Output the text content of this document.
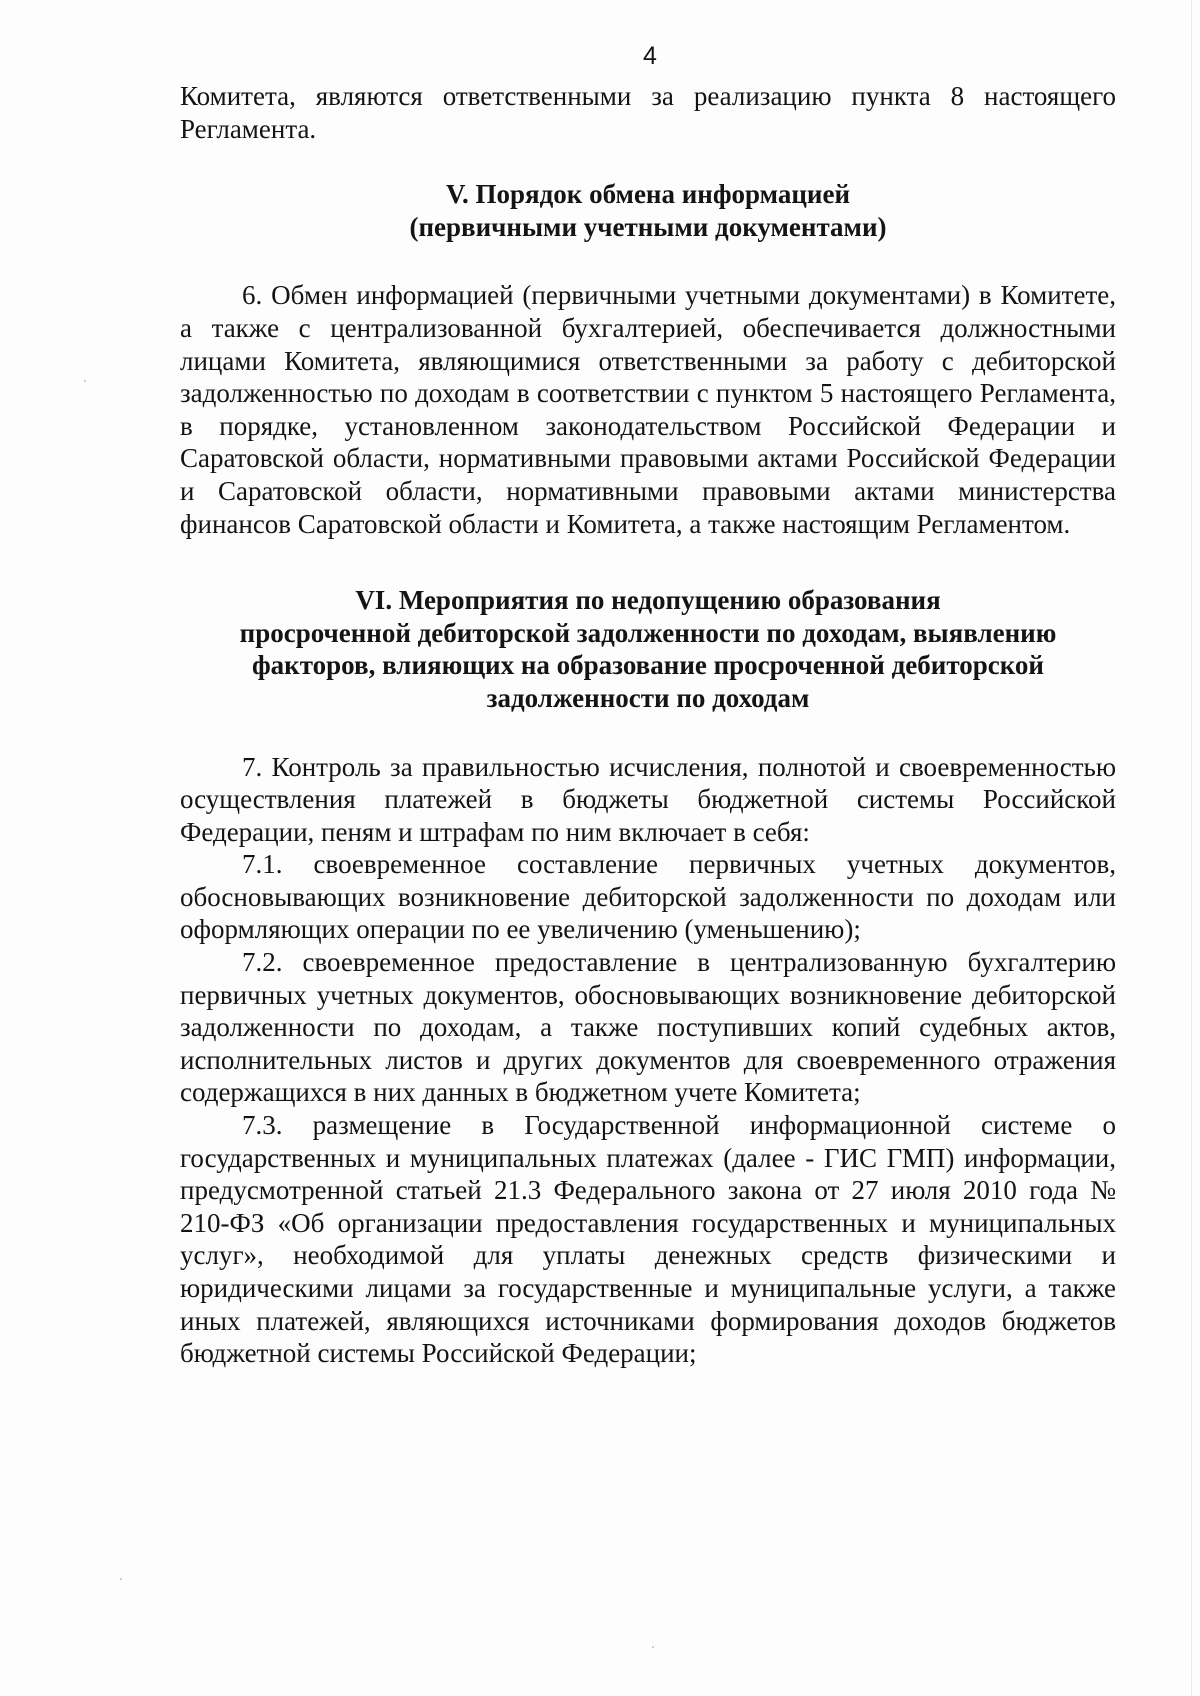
4

Комитета, являются ответственными за реализацию пункта 8 настоящего Регламента.

V. Порядок обмена информацией
(первичными учетными документами)

6. Обмен информацией (первичными учетными документами) в Комитете, а также с централизованной бухгалтерией, обеспечивается должностными лицами Комитета, являющимися ответственными за работу с дебиторской задолженностью по доходам в соответствии с пунктом 5 настоящего Регламента, в порядке, установленном законодательством Российской Федерации и Саратовской области, нормативными правовыми актами Российской Федерации и Саратовской области, нормативными правовыми актами министерства финансов Саратовской области и Комитета, а также настоящим Регламентом.

VI. Мероприятия по недопущению образования
просроченной дебиторской задолженности по доходам, выявлению
факторов, влияющих на образование просроченной дебиторской
задолженности по доходам

7. Контроль за правильностью исчисления, полнотой и своевременностью осуществления платежей в бюджеты бюджетной системы Российской Федерации, пеням и штрафам по ним включает в себя:

7.1. своевременное составление первичных учетных документов, обосновывающих возникновение дебиторской задолженности по доходам или оформляющих операции по ее увеличению (уменьшению);

7.2. своевременное предоставление в централизованную бухгалтерию первичных учетных документов, обосновывающих возникновение дебиторской задолженности по доходам, а также поступивших копий судебных актов, исполнительных листов и других документов для своевременного отражения содержащихся в них данных в бюджетном учете Комитета;

7.3. размещение в Государственной информационной системе о государственных и муниципальных платежах (далее - ГИС ГМП) информации, предусмотренной статьей 21.3 Федерального закона от 27 июля 2010 года № 210-ФЗ «Об организации предоставления государственных и муниципальных услуг», необходимой для уплаты денежных средств физическими и юридическими лицами за государственные и муниципальные услуги, а также иных платежей, являющихся источниками формирования доходов бюджетов бюджетной системы Российской Федерации;
